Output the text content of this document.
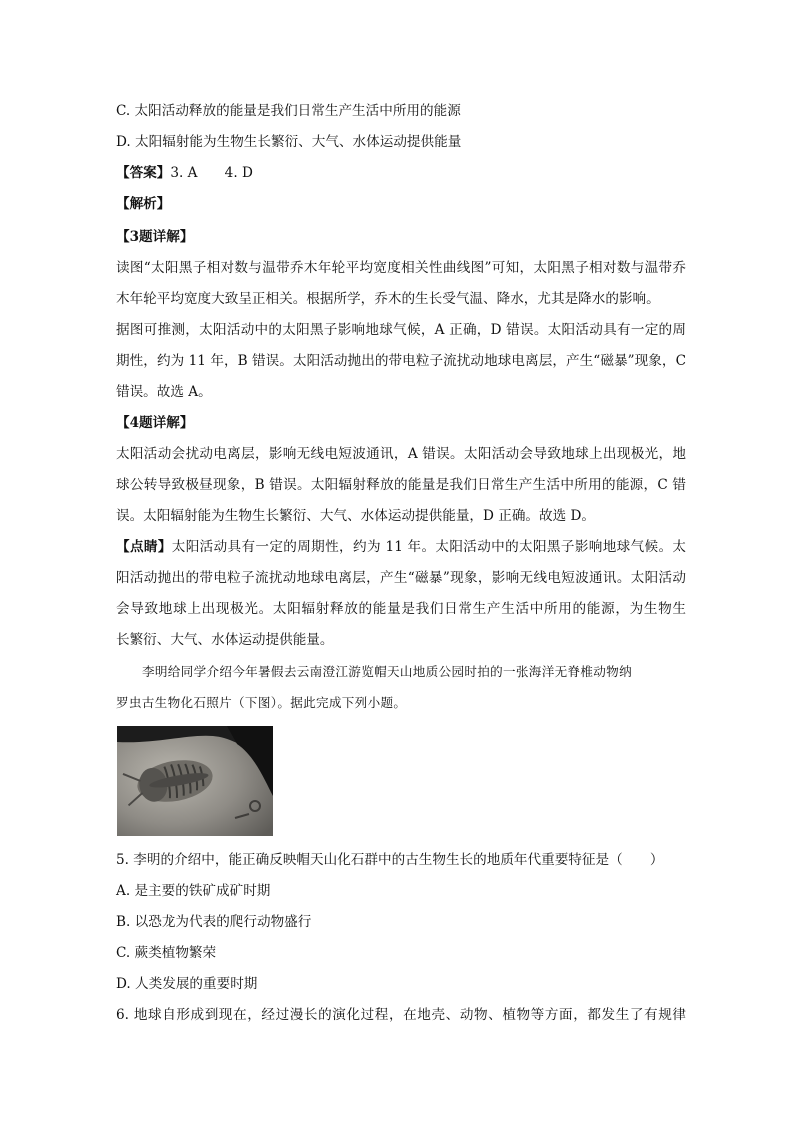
C. 太阳活动释放的能量是我们日常生产生活中所用的能源
D. 太阳辐射能为生物生长繁衍、大气、水体运动提供能量
【答案】3. A　　4. D
【解析】
【3题详解】
读图“太阳黑子相对数与温带乔木年轮平均宽度相关性曲线图”可知，太阳黑子相对数与温带乔
木年轮平均宽度大致呈正相关。根据所学，乔木的生长受气温、降水，尤其是降水的影响。
据图可推测，太阳活动中的太阳黑子影响地球气候，A 正确，D 错误。太阳活动具有一定的周
期性，约为 11 年，B 错误。太阳活动抛出的带电粒子流扰动地球电离层，产生“磁暴”现象，C
错误。故选 A。
【4题详解】
太阳活动会扰动电离层，影响无线电短波通讯，A 错误。太阳活动会导致地球上出现极光，地
球公转导致极昼现象，B 错误。太阳辐射释放的能量是我们日常生产生活中所用的能源，C 错
误。太阳辐射能为生物生长繁衍、大气、水体运动提供能量，D 正确。故选 D。
【点睛】太阳活动具有一定的周期性，约为 11 年。太阳活动中的太阳黑子影响地球气候。太
阳活动抛出的带电粒子流扰动地球电离层，产生“磁暴”现象，影响无线电短波通讯。太阳活动
会导致地球上出现极光。太阳辐射释放的能量是我们日常生产生活中所用的能源，为生物生
长繁衍、大气、水体运动提供能量。
李明给同学介绍今年暑假去云南澄江游览帽天山地质公园时拍的一张海洋无脊椎动物纳
罗虫古生物化石照片（下图）。据此完成下列小题。
5. 李明的介绍中，能正确反映帽天山化石群中的古生物生长的地质年代重要特征是（　　）
A. 是主要的铁矿成矿时期
B. 以恐龙为代表的爬行动物盛行
C. 蕨类植物繁荣
D. 人类发展的重要时期
6. 地球自形成到现在，经过漫长的演化过程，在地壳、动物、植物等方面，都发生了有规律
